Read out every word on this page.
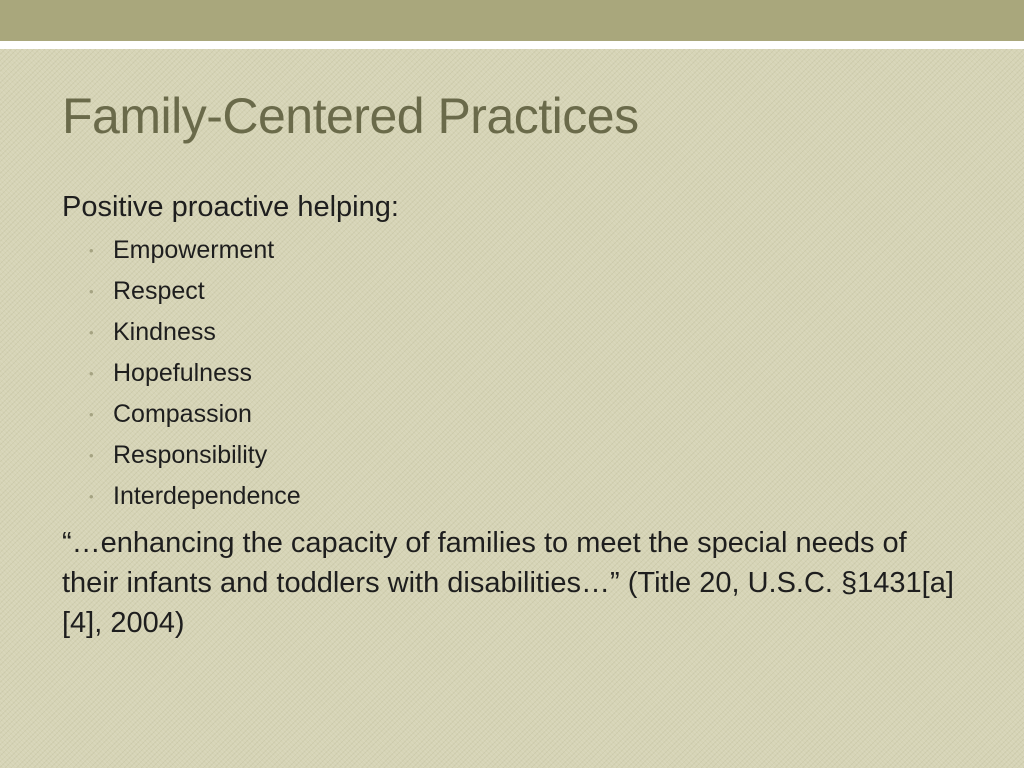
Family-Centered Practices

Positive proactive helping:

• Empowerment
• Respect
• Kindness
• Hopefulness
• Compassion
• Responsibility
• Interdependence

“…enhancing the capacity of families to meet the special needs of their infants and toddlers with disabilities…” (Title 20, U.S.C. §1431[a][4], 2004)
